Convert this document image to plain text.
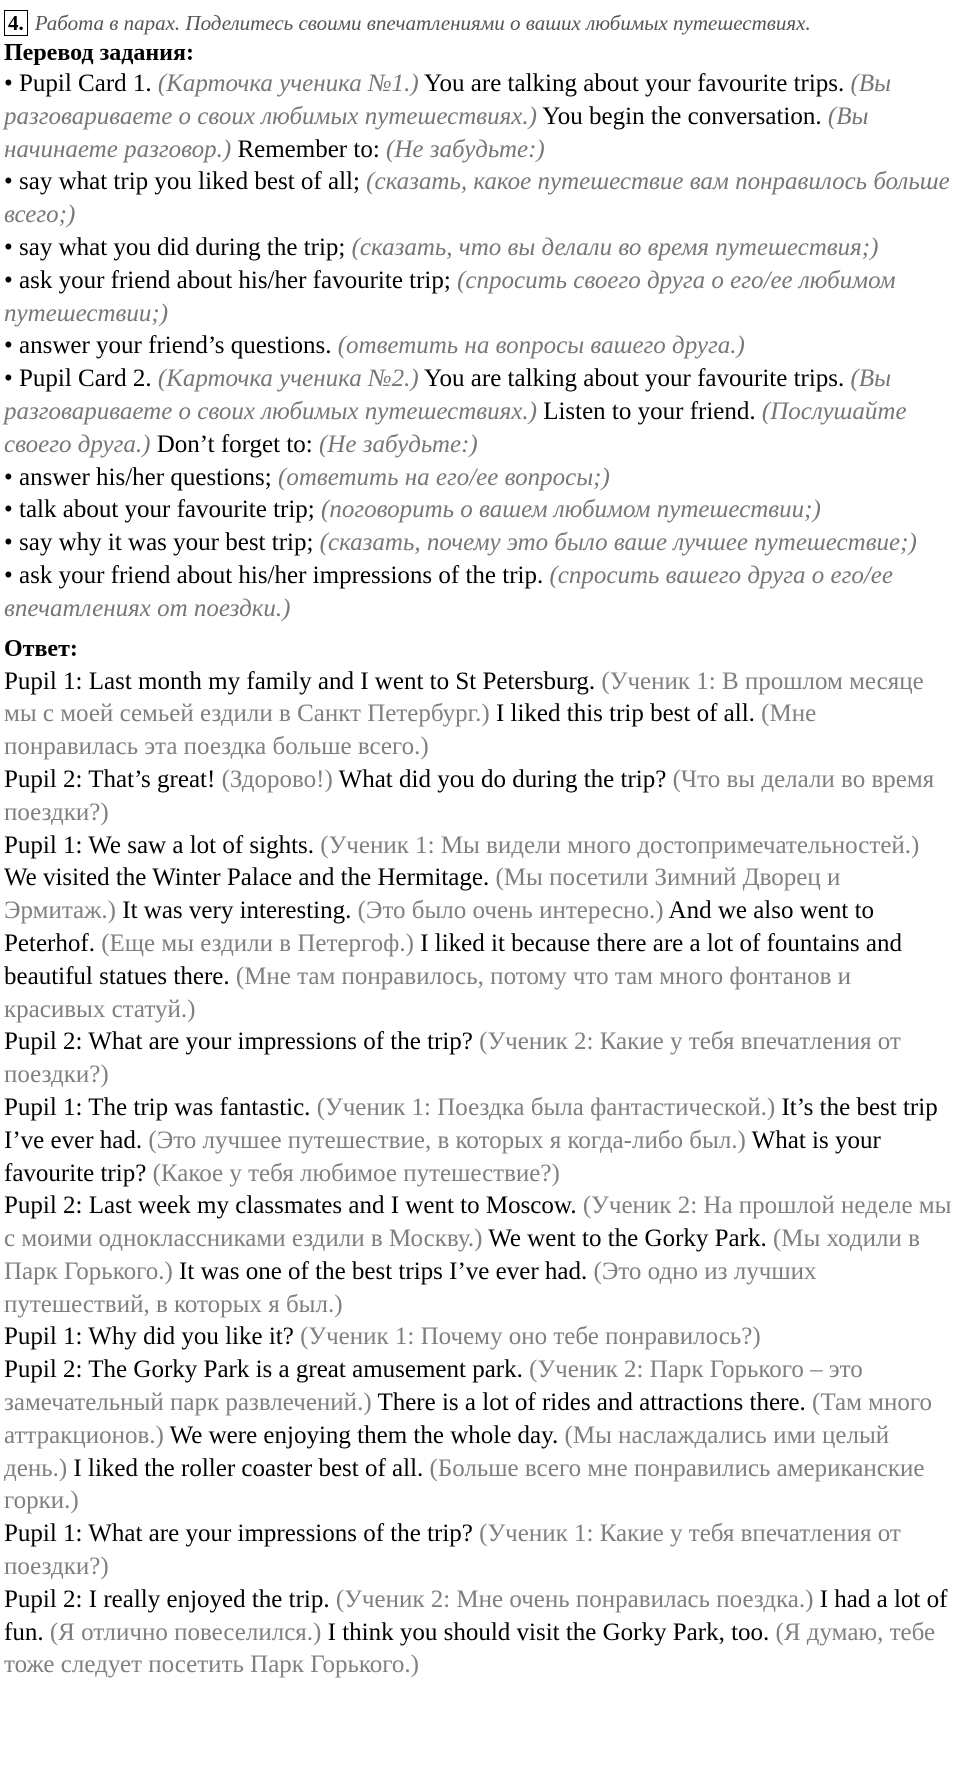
4. Работа в парах. Поделитесь своими впечатлениями о ваших любимых путешествиях.
Перевод задания:

• Pupil Card 1. (Карточка ученика №1.) You are talking about your favourite trips. (Вы разговариваете о своих любимых путешествиях.) You begin the conversation. (Вы начинаете разговор.) Remember to: (Не забудьте:)

• say what trip you liked best of all; (сказать, какое путешествие вам понравилось больше всего;)

• say what you did during the trip; (сказать, что вы делали во время путешествия;)

• ask your friend about his/her favourite trip; (спросить своего друга о его/ее любимом путешествии;)

• answer your friend’s questions. (ответить на вопросы вашего друга.)

• Pupil Card 2. (Карточка ученика №2.) You are talking about your favourite trips. (Вы разговариваете о своих любимых путешествиях.) Listen to your friend. (Послушайте своего друга.) Don’t forget to: (Не забудьте:)

• answer his/her questions; (ответить на его/ее вопросы;)

• talk about your favourite trip; (поговорить о вашем любимом путешествии;)

• say why it was your best trip; (сказать, почему это было ваше лучшее путешествие;)

• ask your friend about his/her impressions of the trip. (спросить вашего друга о его/ее впечатлениях от поездки.)

Ответ:

Pupil 1: Last month my family and I went to St Petersburg. (Ученик 1: В прошлом месяце мы с моей семьей ездили в Санкт Петербург.) I liked this trip best of all. (Мне понравилась эта поездка больше всего.)

Pupil 2: That’s great! (Здорово!) What did you do during the trip? (Что вы делали во время поездки?)

Pupil 1: We saw a lot of sights. (Ученик 1: Мы видели много достопримечательностей.) We visited the Winter Palace and the Hermitage. (Мы посетили Зимний Дворец и Эрмитаж.) It was very interesting. (Это было очень интересно.) And we also went to Peterhof. (Еще мы ездили в Петергоф.) I liked it because there are a lot of fountains and beautiful statues there. (Мне там понравилось, потому что там много фонтанов и красивых статуй.)

Pupil 2: What are your impressions of the trip? (Ученик 2: Какие у тебя впечатления от поездки?)

Pupil 1: The trip was fantastic. (Ученик 1: Поездка была фантастической.) It’s the best trip I’ve ever had. (Это лучшее путешествие, в которых я когда-либо был.) What is your favourite trip? (Какое у тебя любимое путешествие?)

Pupil 2: Last week my classmates and I went to Moscow. (Ученик 2: На прошлой неделе мы с моими одноклассниками ездили в Москву.) We went to the Gorky Park. (Мы ходили в Парк Горького.) It was one of the best trips I’ve ever had. (Это одно из лучших путешествий, в которых я был.)

Pupil 1: Why did you like it? (Ученик 1: Почему оно тебе понравилось?)

Pupil 2: The Gorky Park is a great amusement park. (Ученик 2: Парк Горького – это замечательный парк развлечений.) There is a lot of rides and attractions there. (Там много аттракционов.) We were enjoying them the whole day. (Мы наслаждались ими целый день.) I liked the roller coaster best of all. (Больше всего мне понравились американские горки.)

Pupil 1: What are your impressions of the trip? (Ученик 1: Какие у тебя впечатления от поездки?)

Pupil 2: I really enjoyed the trip. (Ученик 2: Мне очень понравилась поездка.) I had a lot of fun. (Я отлично повеселился.) I think you should visit the Gorky Park, too. (Я думаю, тебе тоже следует посетить Парк Горького.)
